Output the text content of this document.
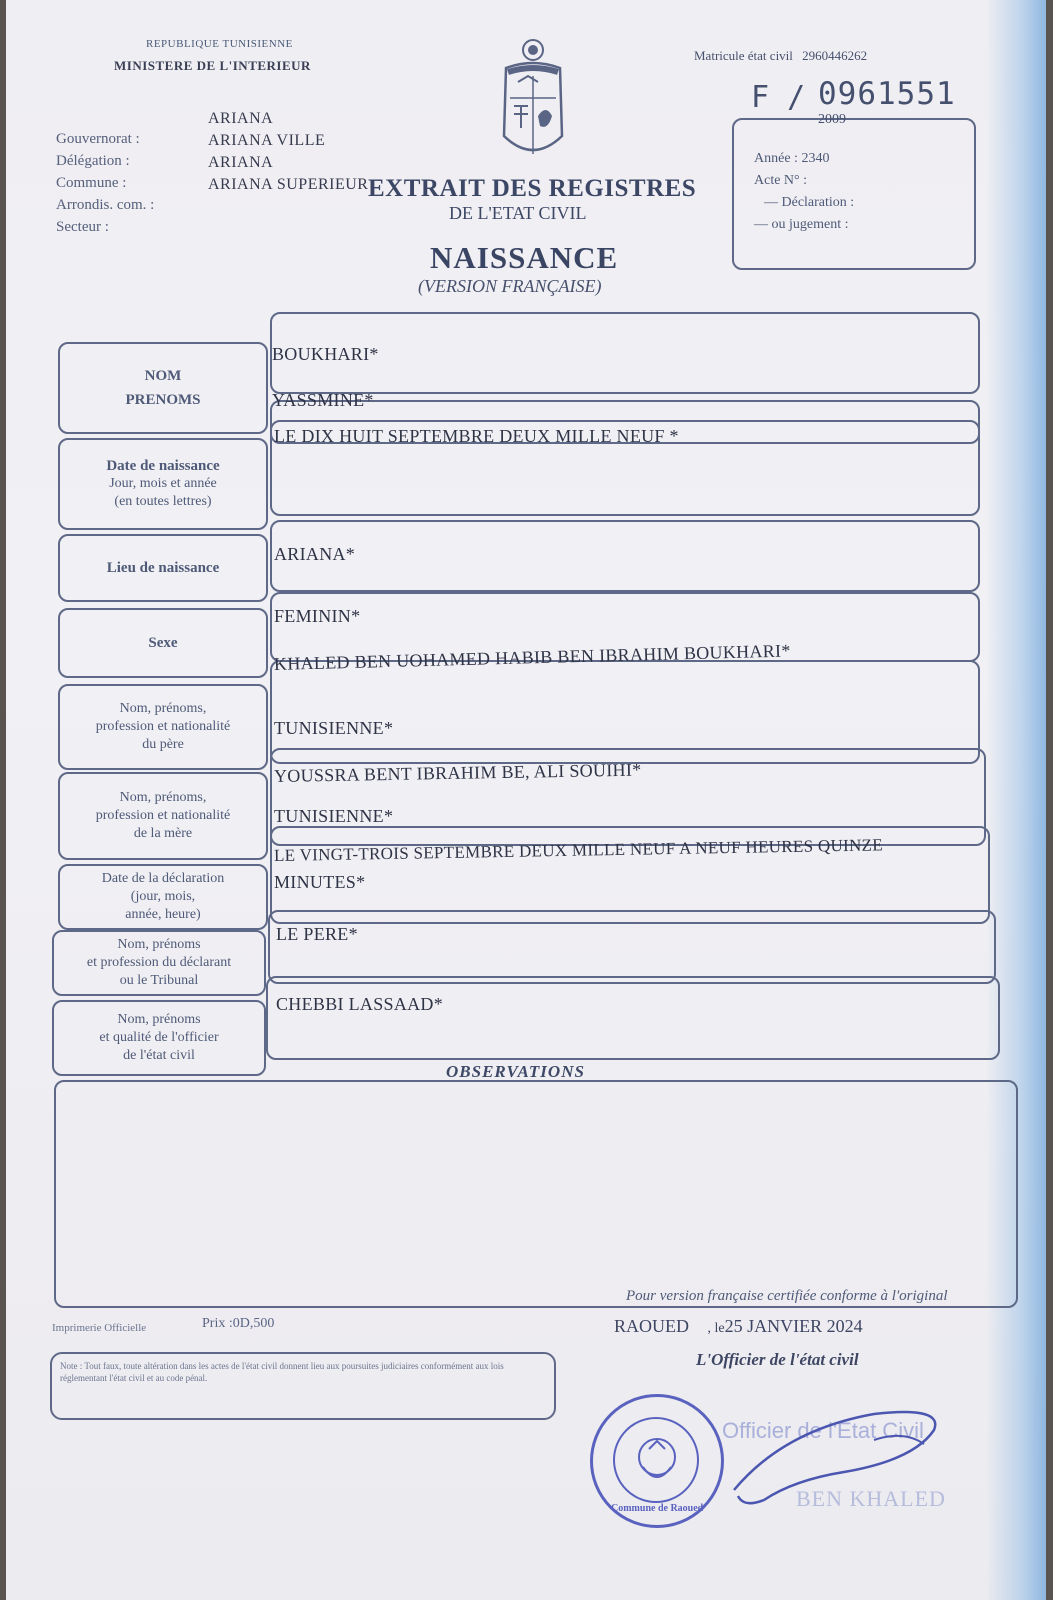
REPUBLIQUE TUNISIENNE
MINISTERE DE L'INTERIEUR
Matricule état civil 2960446262
F / 0961551
Gouvernorat :
Délégation :
Commune :
Arrondis. com. :
Secteur :
ARIANA
ARIANA VILLE
ARIANA
ARIANA SUPERIEUR
2009
Année : 2340
Acte N° :
— Déclaration :
— ou jugement :
EXTRAIT DES REGISTRES
DE L'ETAT CIVIL
NAISSANCE
(VERSION FRANÇAISE)
NOM
PRENOMS
BOUKHARI*
YASSMINE*
Date de naissance
Jour, mois et année
(en toutes lettres)
LE DIX HUIT SEPTEMBRE DEUX MILLE NEUF *
Lieu de naissance
ARIANA*
Sexe
FEMININ*
Nom, prénoms,
profession et nationalité
du père
KHALED BEN UOHAMED HABIB BEN IBRAHIM BOUKHARI*
TUNISIENNE*
Nom, prénoms,
profession et nationalité
de la mère
YOUSSRA BENT IBRAHIM BE, ALI SOUIHI*
TUNISIENNE*
Date de la déclaration
(jour, mois,
année, heure)
LE VINGT-TROIS SEPTEMBRE DEUX MILLE NEUF A NEUF HEURES QUINZE
MINUTES*
Nom, prénoms
et profession du déclarant
ou le Tribunal
LE PERE*
Nom, prénoms
et qualité de l'officier
de l'état civil
CHEBBI LASSAAD*
OBSERVATIONS
Pour version française certifiée conforme à l'original
Imprimerie Officielle	Prix :0D,500	RAOUED , le25 JANVIER 2024
L'Officier de l'état civil
Note : Tout faux, toute altération dans les actes de l'état civil donnent lieu aux poursuites judiciaires conformément aux lois réglementant l'état civil et au code pénal.
Commune de Raoued
Officier de l'Etat Civil
BEN KHALED
